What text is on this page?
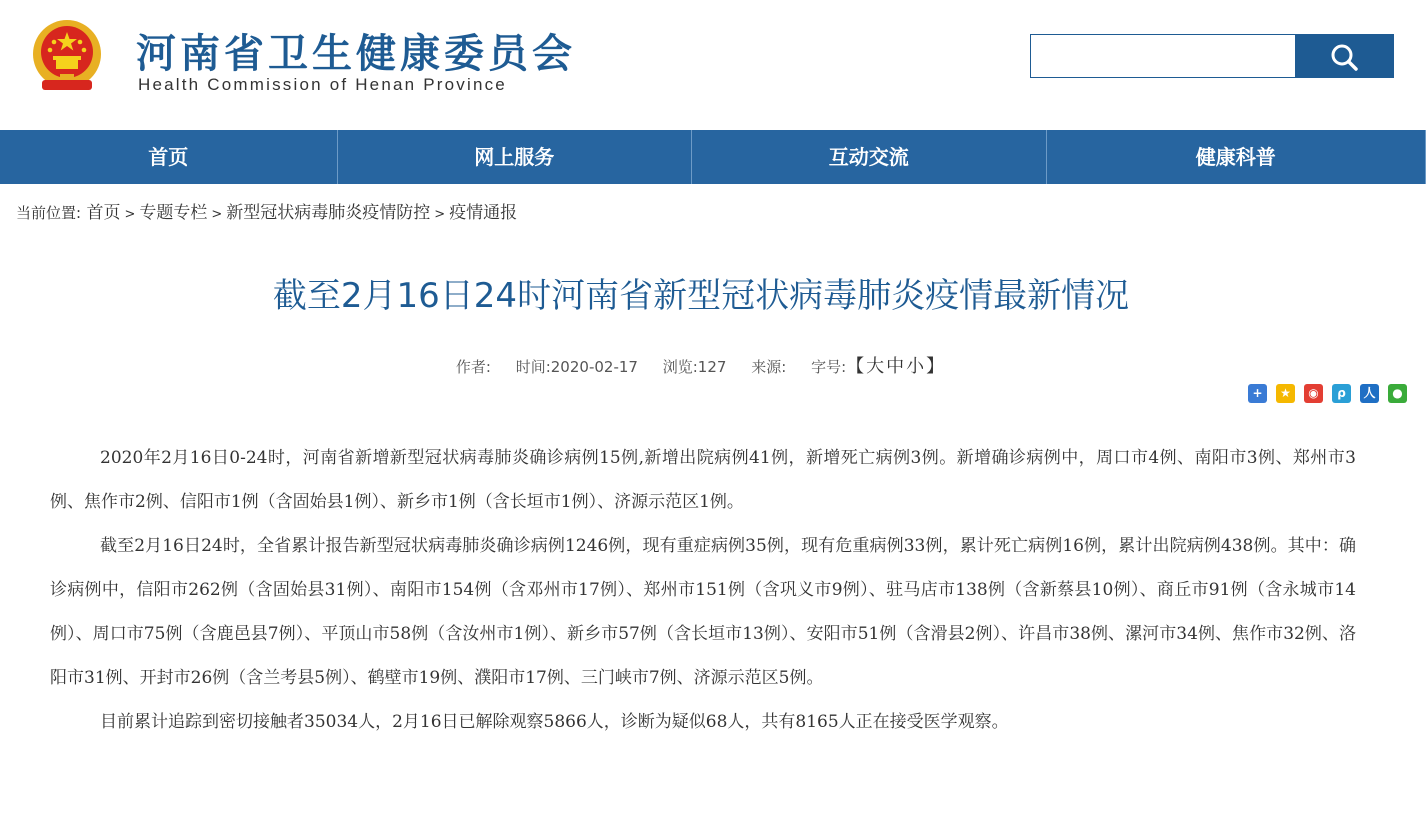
河南省卫生健康委员会
Health Commission of Henan Province
首页	网上服务	互动交流	健康科普
当前位置: 首页 > 专题专栏 > 新型冠状病毒肺炎疫情防控 > 疫情通报
截至2月16日24时河南省新型冠状病毒肺炎疫情最新情况
作者: 时间:2020-02-17 浏览:127 来源: 字号:【大中小】
+	★	◉	ρ	人	●

2020年2月16日0-24时，河南省新增新型冠状病毒肺炎确诊病例15例,新增出院病例41例，新增死亡病例3例。新增确诊病例中，周口市4例、南阳市3例、郑州市3例、焦作市2例、信阳市1例（含固始县1例）、新乡市1例（含长垣市1例）、济源示范区1例。

截至2月16日24时，全省累计报告新型冠状病毒肺炎确诊病例1246例，现有重症病例35例，现有危重病例33例，累计死亡病例16例，累计出院病例438例。其中：确诊病例中，信阳市262例（含固始县31例）、南阳市154例（含邓州市17例）、郑州市151例（含巩义市9例）、驻马店市138例（含新蔡县10例）、商丘市91例（含永城市14例）、周口市75例（含鹿邑县7例）、平顶山市58例（含汝州市1例）、新乡市57例（含长垣市13例）、安阳市51例（含滑县2例）、许昌市38例、漯河市34例、焦作市32例、洛阳市31例、开封市26例（含兰考县5例）、鹤壁市19例、濮阳市17例、三门峡市7例、济源示范区5例。

目前累计追踪到密切接触者35034人，2月16日已解除观察5866人，诊断为疑似68人，共有8165人正在接受医学观察。
